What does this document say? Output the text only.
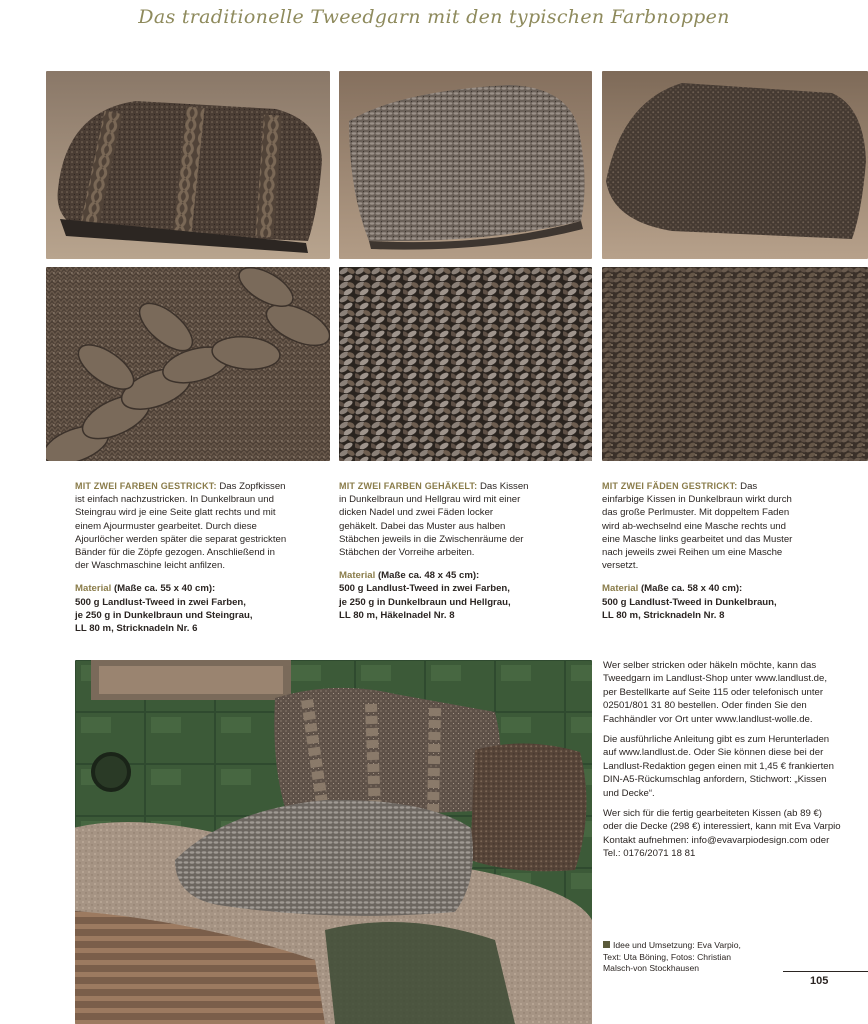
Das traditionelle Tweedgarn mit den typischen Farbnoppen
MIT ZWEI FARBEN GESTRICKT: Das Zopfkissen ist einfach nachzustricken. In Dunkelbraun und Steingrau wird je eine Seite glatt rechts und mit einem Ajourmuster gearbeitet. Durch diese Ajourlöcher werden später die separat gestrickten Bänder für die Zöpfe gezogen. Anschließend in der Waschmaschine leicht anfilzen.
Material (Maße ca. 55 x 40 cm):
500 g Landlust-Tweed in zwei Farben,
je 250 g in Dunkelbraun und Steingrau,
LL 80 m, Stricknadeln Nr. 6
MIT ZWEI FARBEN GEHÄKELT: Das Kissen in Dunkelbraun und Hellgrau wird mit einer dicken Nadel und zwei Fäden locker gehäkelt. Dabei das Muster aus halben Stäbchen jeweils in die Zwischenräume der Stäbchen der Vorreihe arbeiten.
Material (Maße ca. 48 x 45 cm):
500 g Landlust-Tweed in zwei Farben,
je 250 g in Dunkelbraun und Hellgrau,
LL 80 m, Häkelnadel Nr. 8
MIT ZWEI FÄDEN GESTRICKT: Das einfarbige Kissen in Dunkelbraun wirkt durch das große Perlmuster. Mit doppeltem Faden wird ab-wechselnd eine Masche rechts und eine Masche links gearbeitet und das Muster nach jeweils zwei Reihen um eine Masche versetzt.
Material (Maße ca. 58 x 40 cm):
500 g Landlust-Tweed in Dunkelbraun,
LL 80 m, Stricknadeln Nr. 8

Wer selber stricken oder häkeln möchte, kann das Tweedgarn im Landlust-Shop unter www.landlust.de, per Bestellkarte auf Seite 115 oder telefonisch unter 02501/801 31 80 bestellen. Oder finden Sie den Fachhändler vor Ort unter www.landlust-wolle.de.

Die ausführliche Anleitung gibt es zum Herunterladen auf www.landlust.de. Oder Sie können diese bei der Landlust-Redaktion gegen einen mit 1,45 € frankierten DIN-A5-Rückumschlag anfordern, Stichwort: „Kissen und Decke“.

Wer sich für die fertig gearbeiteten Kissen (ab 89 €) oder die Decke (298 €) interessiert, kann mit Eva Varpio Kontakt aufnehmen: info@evavarpiodesign.com oder Tel.: 0176/2071 18 81

Idee und Umsetzung: Eva Varpio,
Text: Uta Böning, Fotos: Christian
Malsch-von Stockhausen
105
